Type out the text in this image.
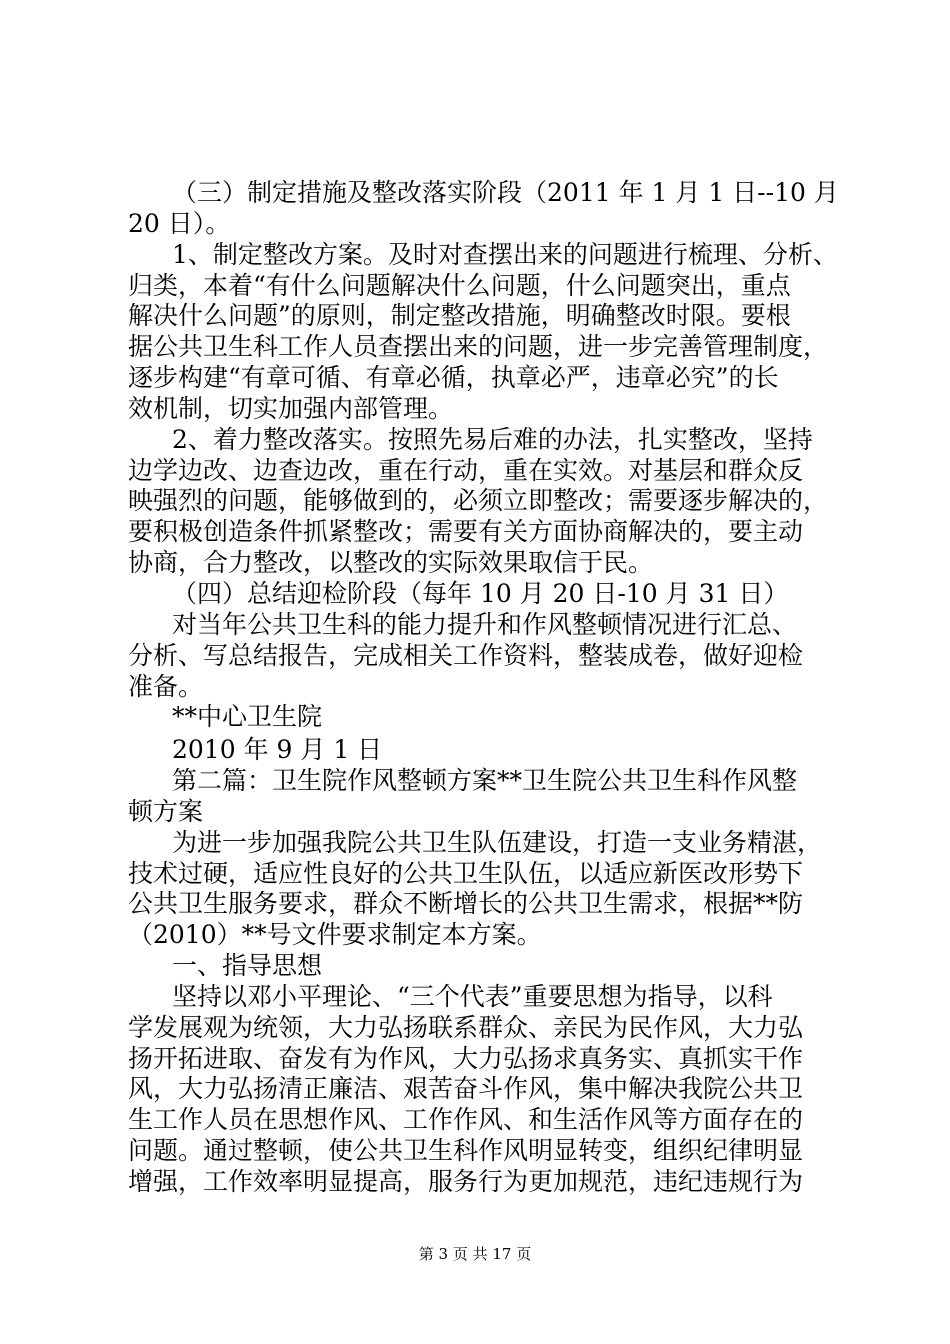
（三）制定措施及整改落实阶段（2011 年 1 月 1 日--10 月
20 日）。
1、制定整改方案。及时对查摆出来的问题进行梳理、分析、
归类，本着“有什么问题解决什么问题，什么问题突出，重点
解决什么问题”的原则，制定整改措施，明确整改时限。要根
据公共卫生科工作人员查摆出来的问题，进一步完善管理制度，
逐步构建“有章可循、有章必循，执章必严，违章必究”的长
效机制，切实加强内部管理。
2、着力整改落实。按照先易后难的办法，扎实整改，坚持
边学边改、边查边改，重在行动，重在实效。对基层和群众反
映强烈的问题，能够做到的，必须立即整改；需要逐步解决的，
要积极创造条件抓紧整改；需要有关方面协商解决的，要主动
协商，合力整改，以整改的实际效果取信于民。
（四）总结迎检阶段（每年 10 月 20 日-10 月 31 日）
对当年公共卫生科的能力提升和作风整顿情况进行汇总、
分析、写总结报告，完成相关工作资料，整装成卷，做好迎检
准备。
**中心卫生院
2010 年 9 月 1 日
第二篇：卫生院作风整顿方案**卫生院公共卫生科作风整
顿方案
为进一步加强我院公共卫生队伍建设，打造一支业务精湛，
技术过硬，适应性良好的公共卫生队伍，以适应新医改形势下
公共卫生服务要求，群众不断增长的公共卫生需求，根据**防
（2010）**号文件要求制定本方案。
一、指导思想
坚持以邓小平理论、“三个代表”重要思想为指导，以科
学发展观为统领，大力弘扬联系群众、亲民为民作风，大力弘
扬开拓进取、奋发有为作风，大力弘扬求真务实、真抓实干作
风，大力弘扬清正廉洁、艰苦奋斗作风，集中解决我院公共卫
生工作人员在思想作风、工作作风、和生活作风等方面存在的
问题。通过整顿，使公共卫生科作风明显转变，组织纪律明显
增强，工作效率明显提高，服务行为更加规范，违纪违规行为
第 3 页 共 17 页
